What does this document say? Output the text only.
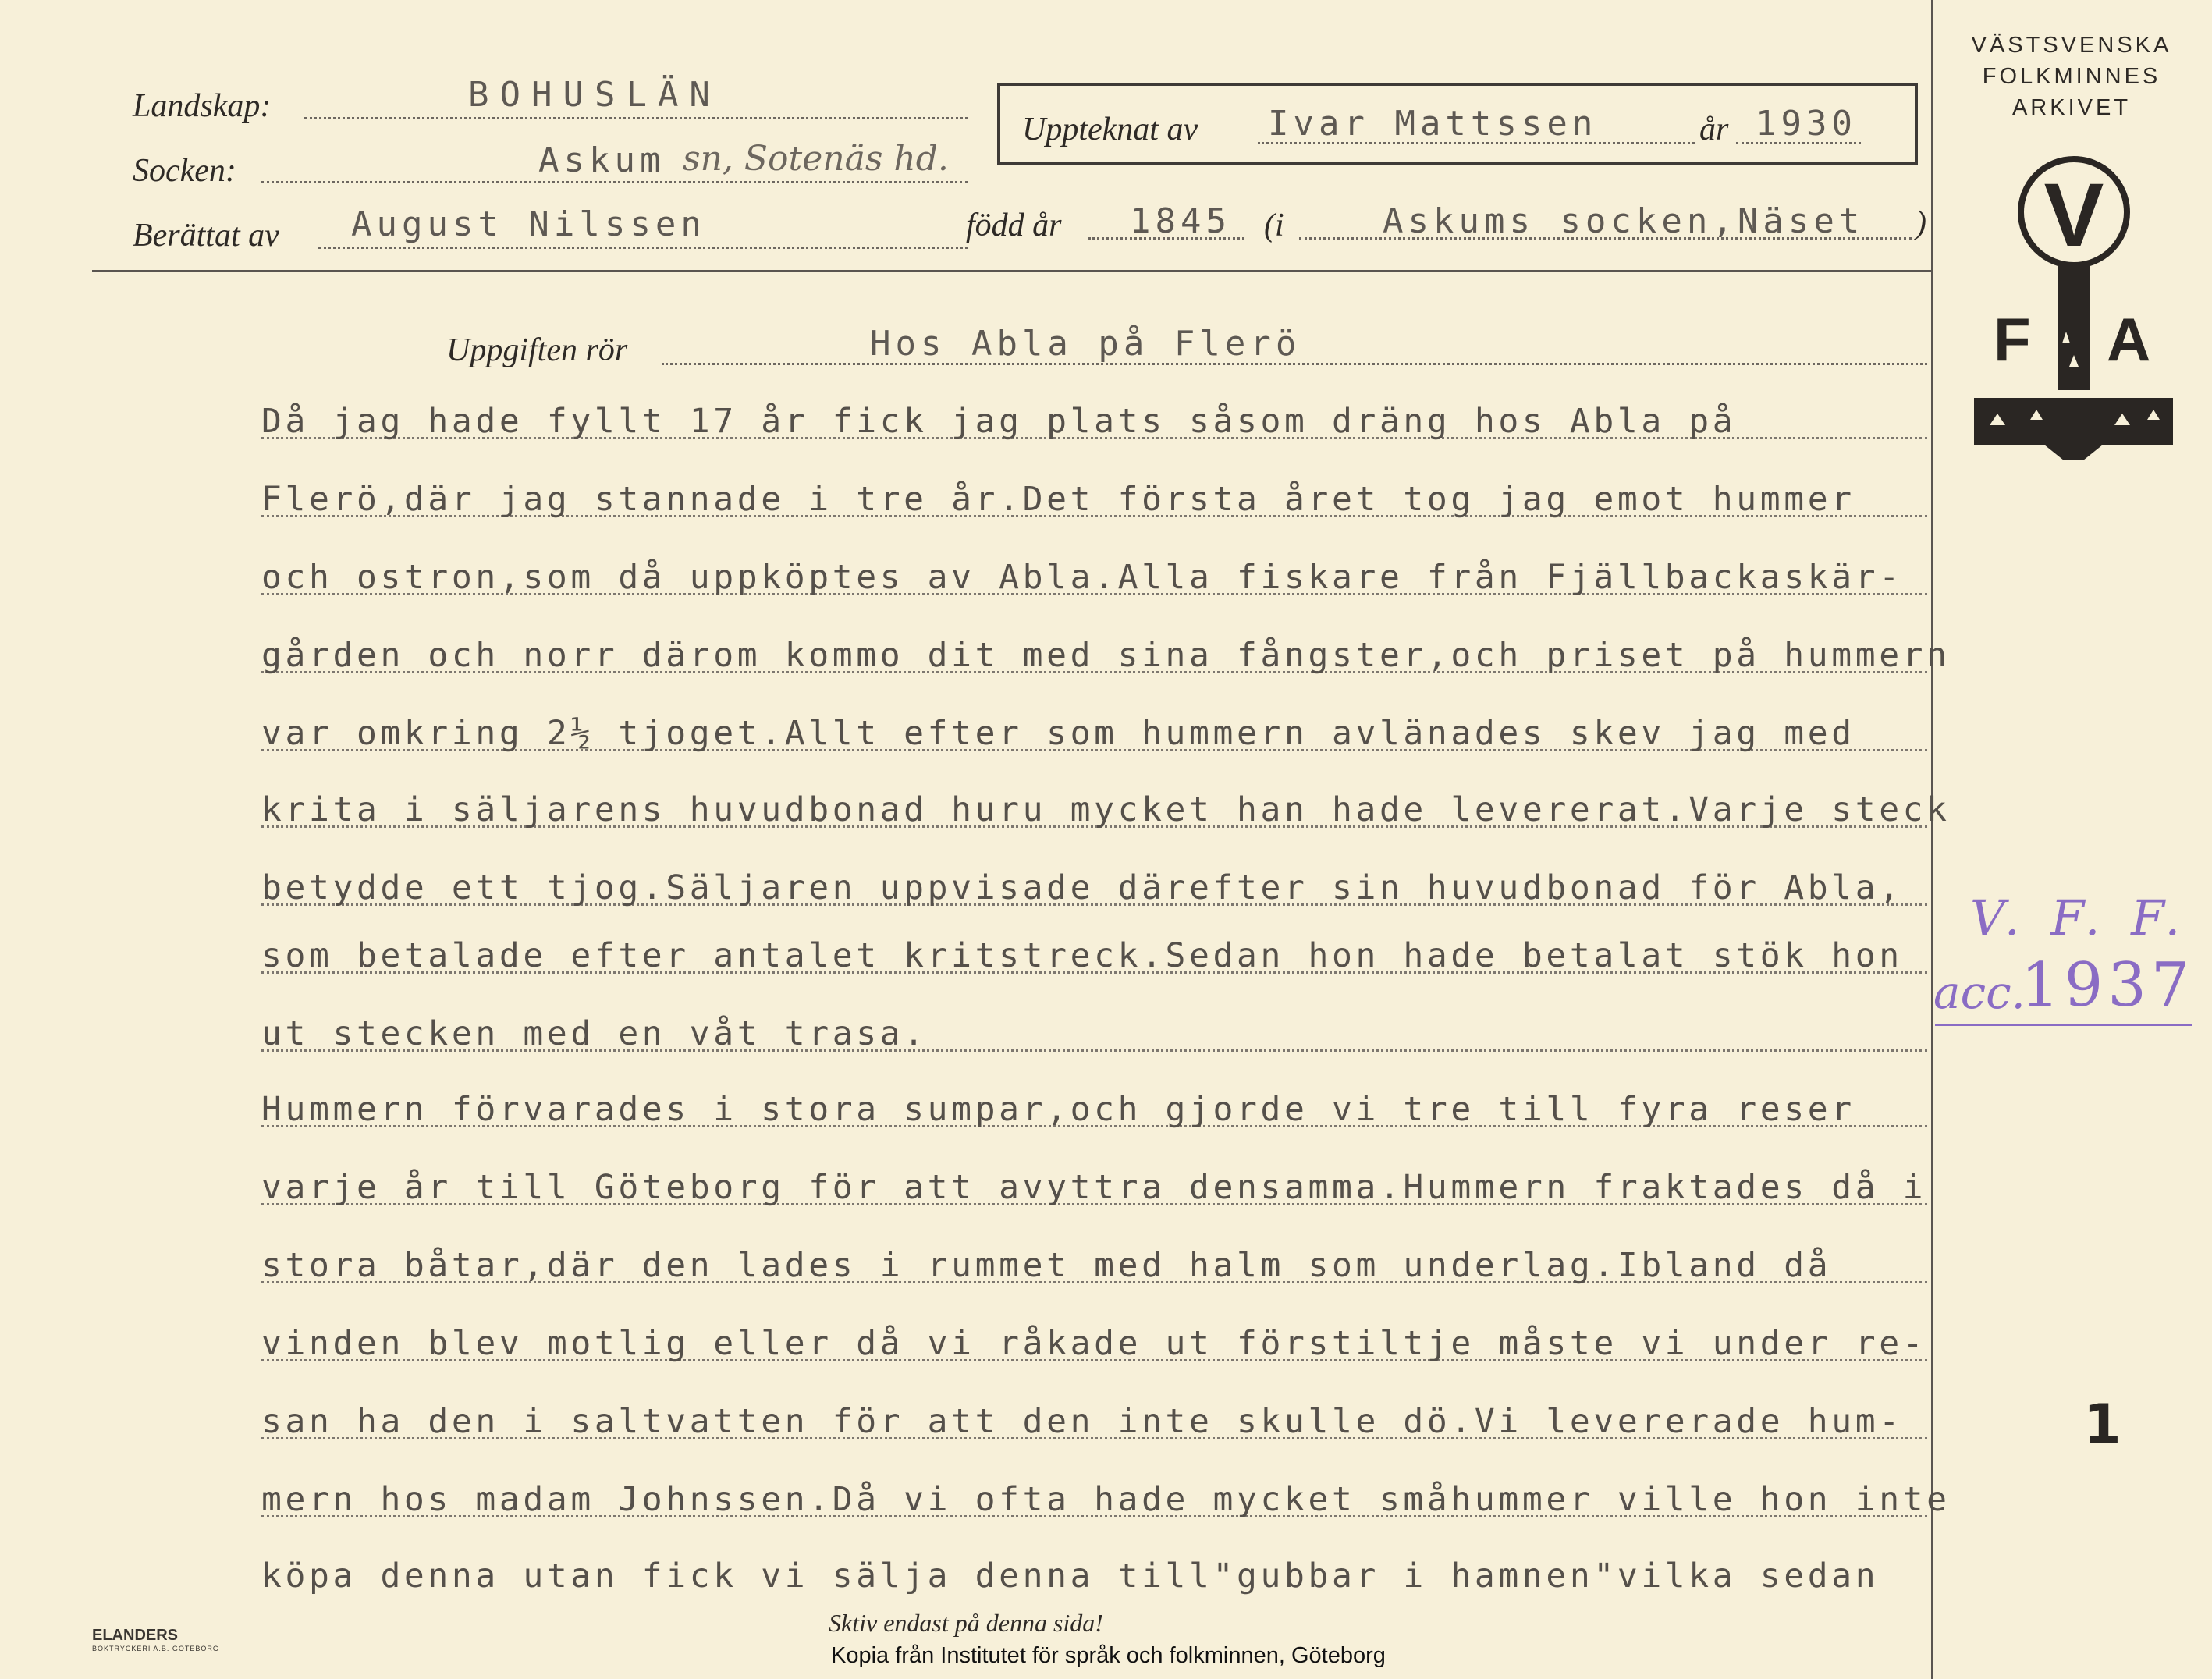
Landskap:	BOHUSLÄN
Socken:	Askum sn, Sotenäs hd.
Berättat av August Nilssen	född år 1845 (i	Askums socken,Näset )
Uppteknat av Ivar Mattssen	år 1930
VÄSTSVENSKA
FOLKMINNES
ARKIVET
V
F A
Uppgiften rör	Hos Abla på Flerö
Då jag hade fyllt 17 år fick jag plats såsom dräng hos Abla på
Flerö,där jag stannade i tre år.Det första året tog jag emot hummer
och ostron,som då uppköptes av Abla.Alla fiskare från Fjällbackaskär-
gården och norr därom kommo dit med sina fångster,och priset på hummern
var omkring 2½ tjoget.Allt efter som hummern avlänades skev jag med
krita i säljarens huvudbonad huru mycket han hade levererat.Varje steck
betydde ett tjog.Säljaren uppvisade därefter sin huvudbonad för Abla,
som betalade efter antalet kritstreck.Sedan hon hade betalat stök hon
ut stecken med en våt trasa.
Hummern förvarades i stora sumpar,och gjorde vi tre till fyra reser
varje år till Göteborg för att avyttra densamma.Hummern fraktades då i
stora båtar,där den lades i rummet med halm som underlag.Ibland då
vinden blev motlig eller då vi råkade ut förstiltje måste vi under re-
san ha den i saltvatten för att den inte skulle dö.Vi levererade hum-
mern hos madam Johnssen.Då vi ofta hade mycket småhummer ville hon inte
köpa denna utan fick vi sälja denna till"gubbar i hamnen"vilka sedan
V. F. F.
acc.
1937
1
ELANDERS
BOKTRYCKERI A.B. GÖTEBORG
Sktiv endast på denna sida!
Kopia från Institutet för språk och folkminnen, Göteborg
